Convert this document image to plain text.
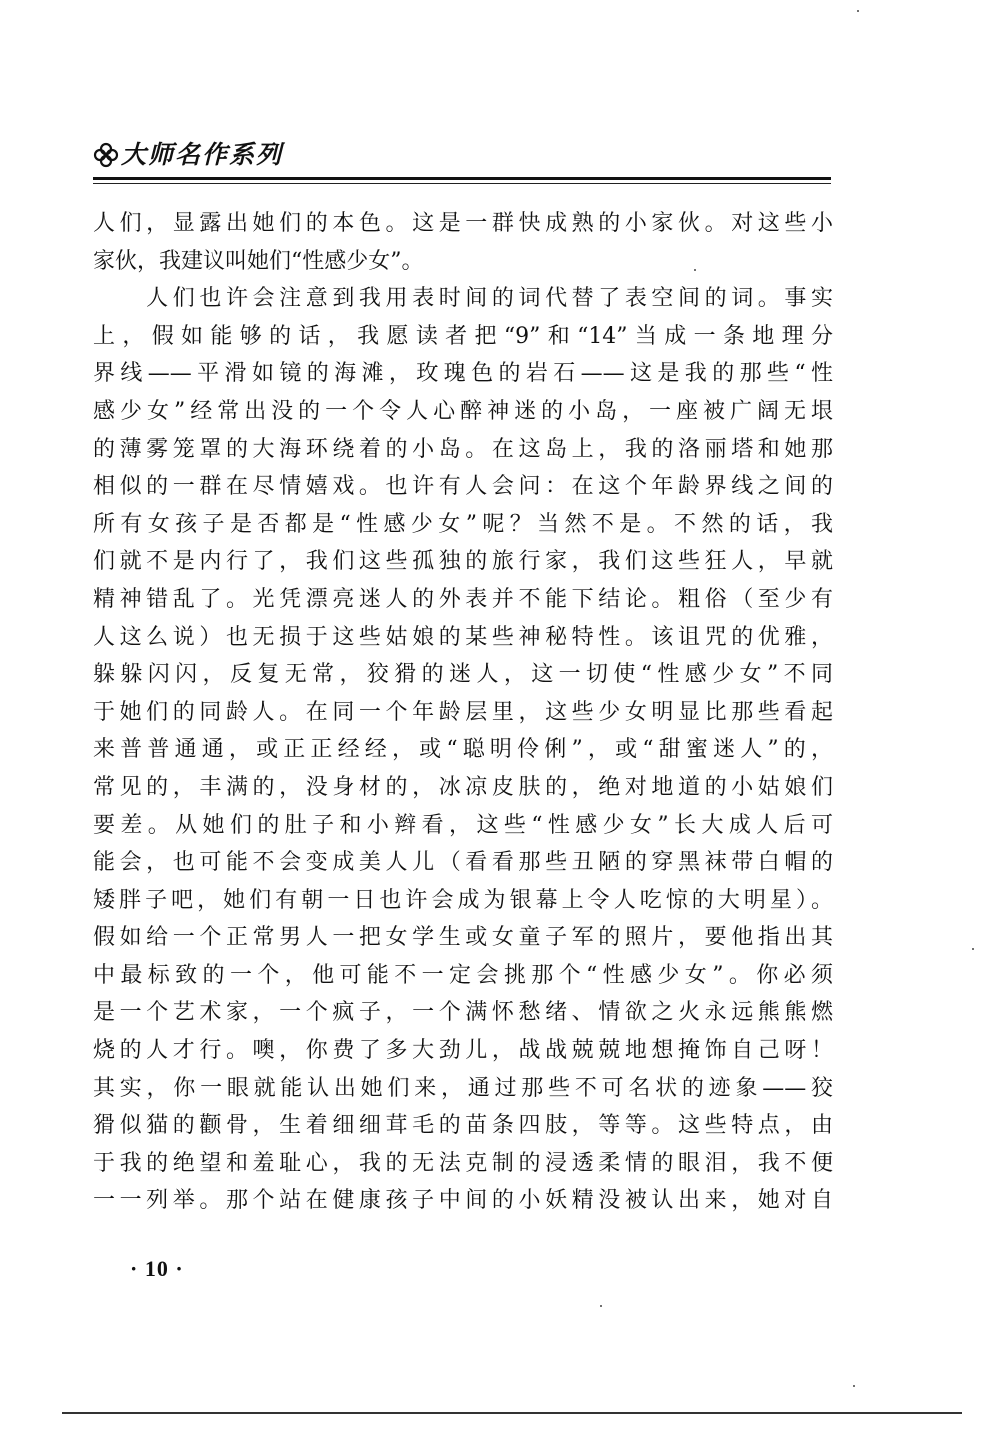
大师名作系列
人们，显露出她们的本色。这是一群快成熟的小家伙。对这些小
家伙，我建议叫她们“性感少女”。
　　人们也许会注意到我用表时间的词代替了表空间的词。事实
上，假如能够的话，我愿读者把“9”和“14”当成一条地理分
界线——平滑如镜的海滩，玫瑰色的岩石——这是我的那些“性
感少女”经常出没的一个令人心醉神迷的小岛，一座被广阔无垠
的薄雾笼罩的大海环绕着的小岛。在这岛上，我的洛丽塔和她那
相似的一群在尽情嬉戏。也许有人会问：在这个年龄界线之间的
所有女孩子是否都是“性感少女”呢？当然不是。不然的话，我
们就不是内行了，我们这些孤独的旅行家，我们这些狂人，早就
精神错乱了。光凭漂亮迷人的外表并不能下结论。粗俗（至少有
人这么说）也无损于这些姑娘的某些神秘特性。该诅咒的优雅，
躲躲闪闪，反复无常，狡猾的迷人，这一切使“性感少女”不同
于她们的同龄人。在同一个年龄层里，这些少女明显比那些看起
来普普通通，或正正经经，或“聪明伶俐”，或“甜蜜迷人”的，
常见的，丰满的，没身材的，冰凉皮肤的，绝对地道的小姑娘们
要差。从她们的肚子和小辫看，这些“性感少女”长大成人后可
能会，也可能不会变成美人儿（看看那些丑陋的穿黑袜带白帽的
矮胖子吧，她们有朝一日也许会成为银幕上令人吃惊的大明星）。
假如给一个正常男人一把女学生或女童子军的照片，要他指出其
中最标致的一个，他可能不一定会挑那个“性感少女”。你必须
是一个艺术家，一个疯子，一个满怀愁绪、情欲之火永远熊熊燃
烧的人才行。噢，你费了多大劲儿，战战兢兢地想掩饰自己呀！
其实，你一眼就能认出她们来，通过那些不可名状的迹象——狡
猾似猫的颧骨，生着细细茸毛的苗条四肢，等等。这些特点，由
于我的绝望和羞耻心，我的无法克制的浸透柔情的眼泪，我不便
一一列举。那个站在健康孩子中间的小妖精没被认出来，她对自
· 10 ·
